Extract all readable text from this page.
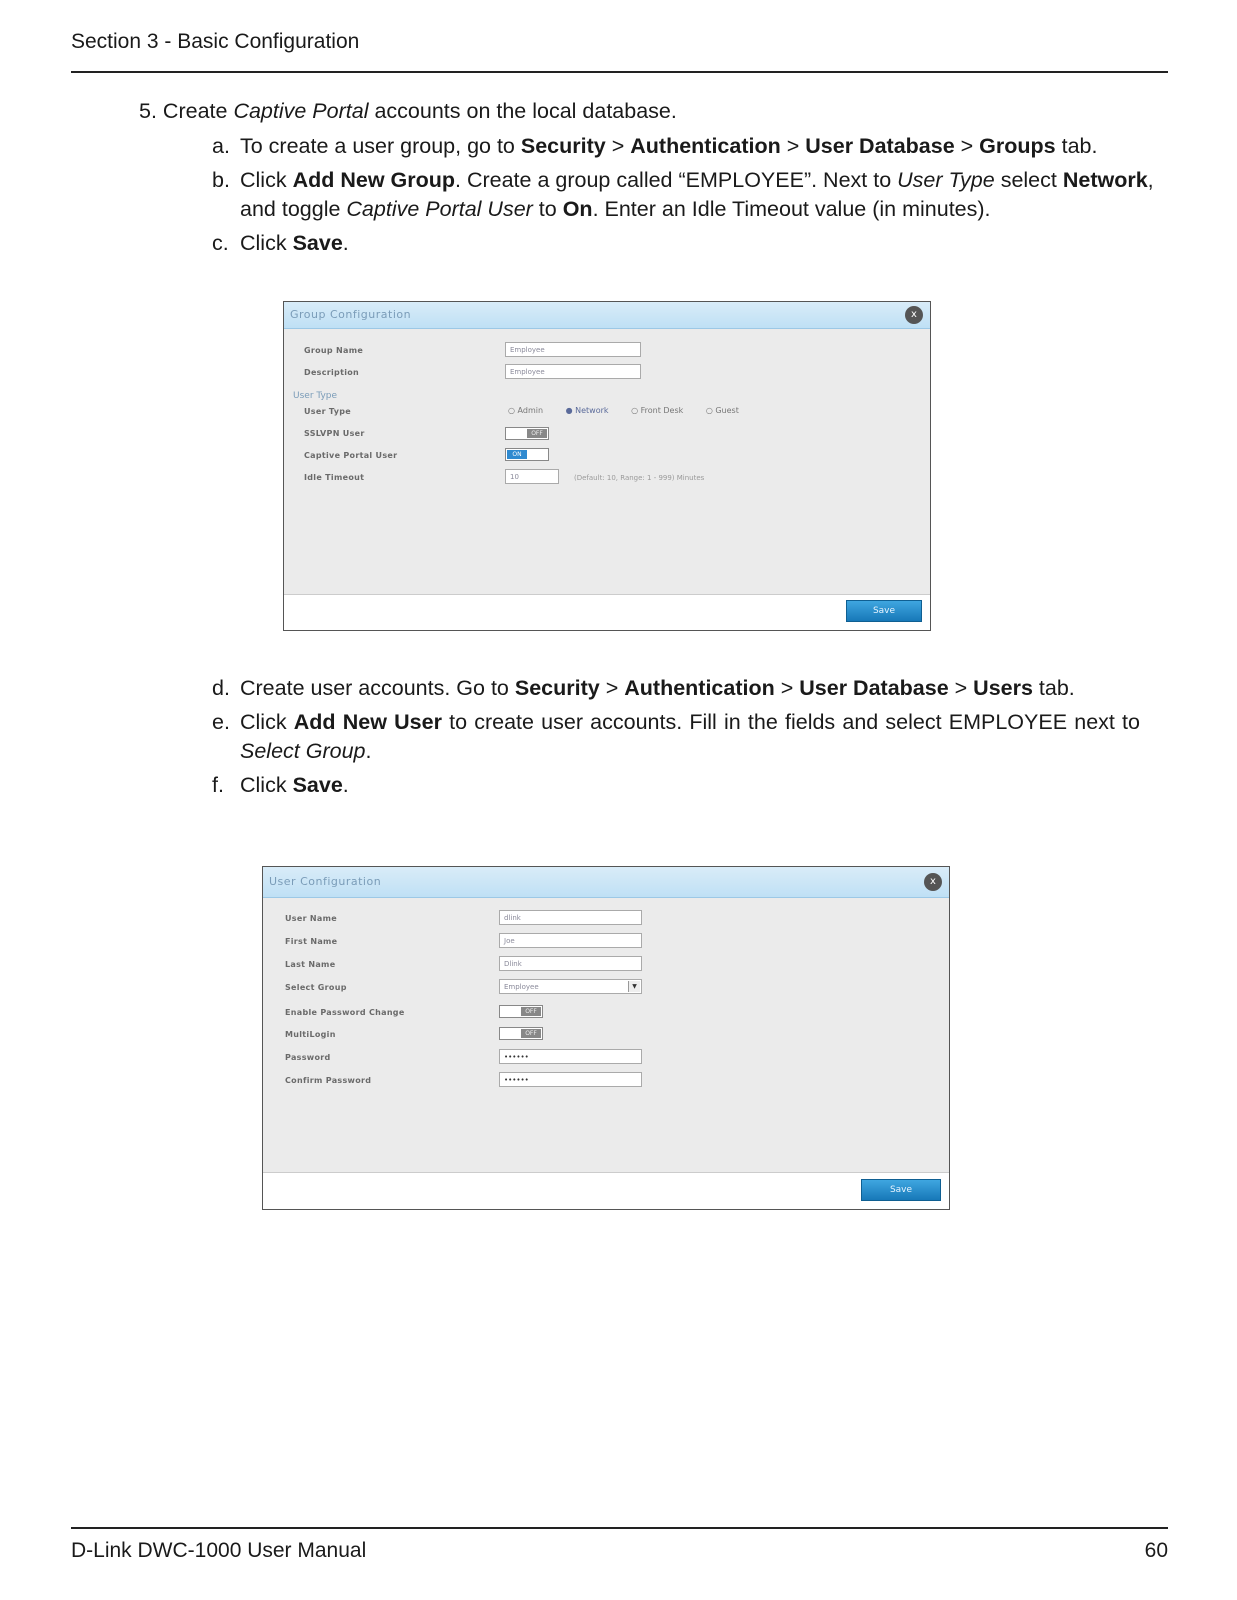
Section 3 - Basic Configuration
5. Create Captive Portal accounts on the local database.
a. To create a user group, go to Security > Authentication > User Database > Groups tab.
b. Click Add New Group. Create a group called “EMPLOYEE”. Next to User Type select Network,
and toggle Captive Portal User to On. Enter an Idle Timeout value (in minutes).
c. Click Save.
Group Configuration	x
Group Name	Employee
Description	Employee
User Type
User Type	○ Admin	● Network	○ Front Desk	○ Guest
SSLVPN User	OFF
Captive Portal User	ON
Idle Timeout	10	(Default: 10, Range: 1 - 999) Minutes
Save
d. Create user accounts. Go to Security > Authentication > User Database > Users tab.
e. Click Add New User to create user accounts. Fill in the fields and select EMPLOYEE next to
Select Group.
f. Click Save.
User Configuration	x
User Name	dlink
First Name	Joe
Last Name	Dlink
Select Group	Employee	▼
Enable Password Change	OFF
MultiLogin	OFF
Password	••••••
Confirm Password	••••••
Save
D-Link DWC-1000 User Manual	60
